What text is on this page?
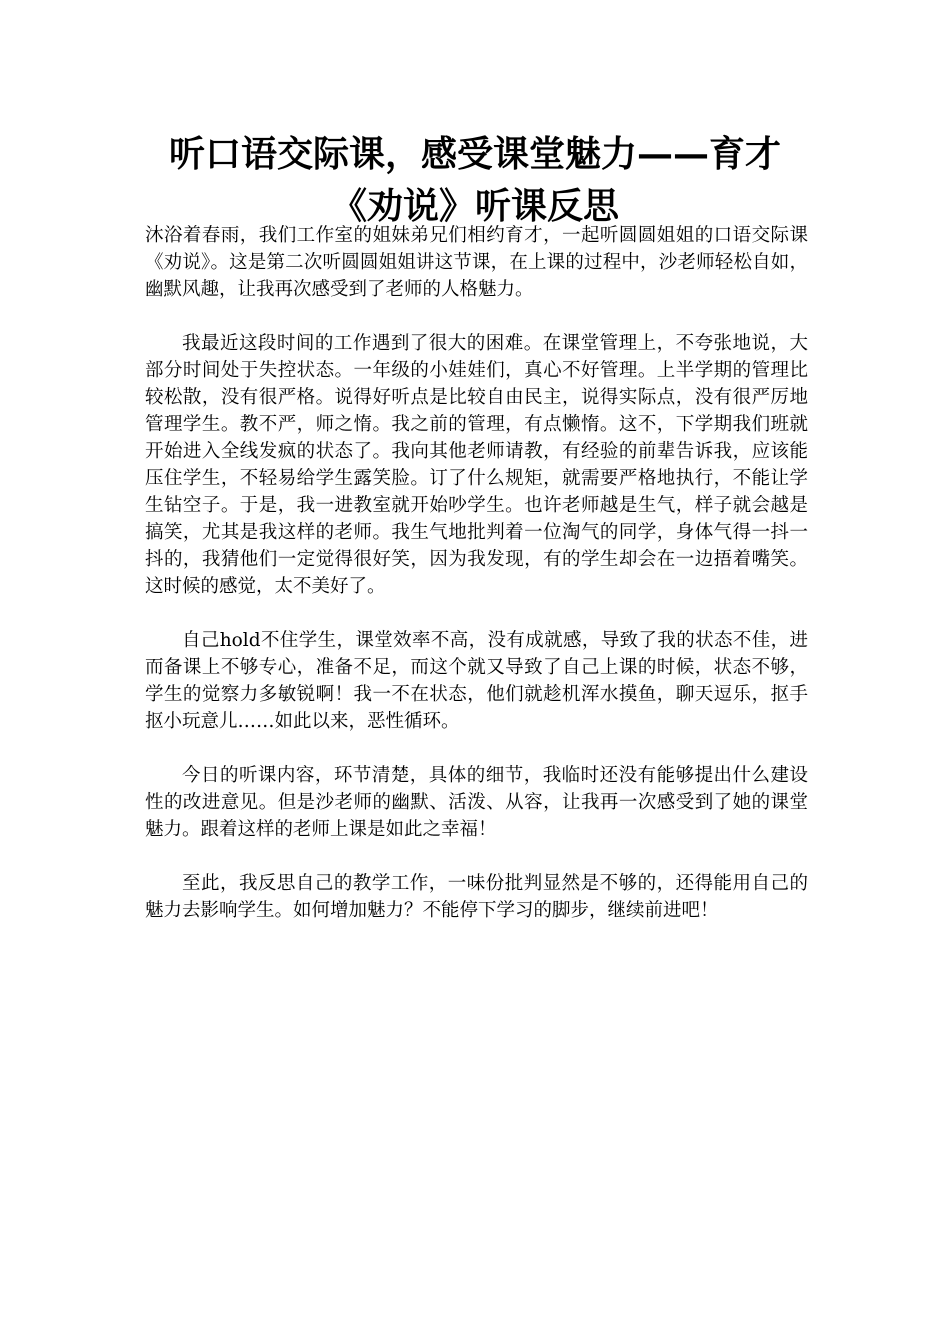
听口语交际课，感受课堂魅力——育才《劝说》听课反思

沐浴着春雨，我们工作室的姐妹弟兄们相约育才，一起听圆圆姐姐的口语交际课《劝说》。这是第二次听圆圆姐姐讲这节课，在上课的过程中，沙老师轻松自如，幽默风趣，让我再次感受到了老师的人格魅力。

我最近这段时间的工作遇到了很大的困难。在课堂管理上，不夸张地说，大部分时间处于失控状态。一年级的小娃娃们，真心不好管理。上半学期的管理比较松散，没有很严格。说得好听点是比较自由民主，说得实际点，没有很严厉地管理学生。教不严，师之惰。我之前的管理，有点懒惰。这不，下学期我们班就开始进入全线发疯的状态了。我向其他老师请教，有经验的前辈告诉我，应该能压住学生，不轻易给学生露笑脸。订了什么规矩，就需要严格地执行，不能让学生钻空子。于是，我一进教室就开始吵学生。也许老师越是生气，样子就会越是搞笑，尤其是我这样的老师。我生气地批判着一位淘气的同学，身体气得一抖一抖的，我猜他们一定觉得很好笑，因为我发现，有的学生却会在一边捂着嘴笑。这时候的感觉，太不美好了。

自己hold不住学生，课堂效率不高，没有成就感，导致了我的状态不佳，进而备课上不够专心，准备不足，而这个就又导致了自己上课的时候，状态不够，学生的觉察力多敏锐啊！我一不在状态，他们就趁机浑水摸鱼，聊天逗乐，抠手抠小玩意儿……如此以来，恶性循环。

今日的听课内容，环节清楚，具体的细节，我临时还没有能够提出什么建设性的改进意见。但是沙老师的幽默、活泼、从容，让我再一次感受到了她的课堂魅力。跟着这样的老师上课是如此之幸福！

至此，我反思自己的教学工作，一味份批判显然是不够的，还得能用自己的魅力去影响学生。如何增加魅力？不能停下学习的脚步，继续前进吧！
